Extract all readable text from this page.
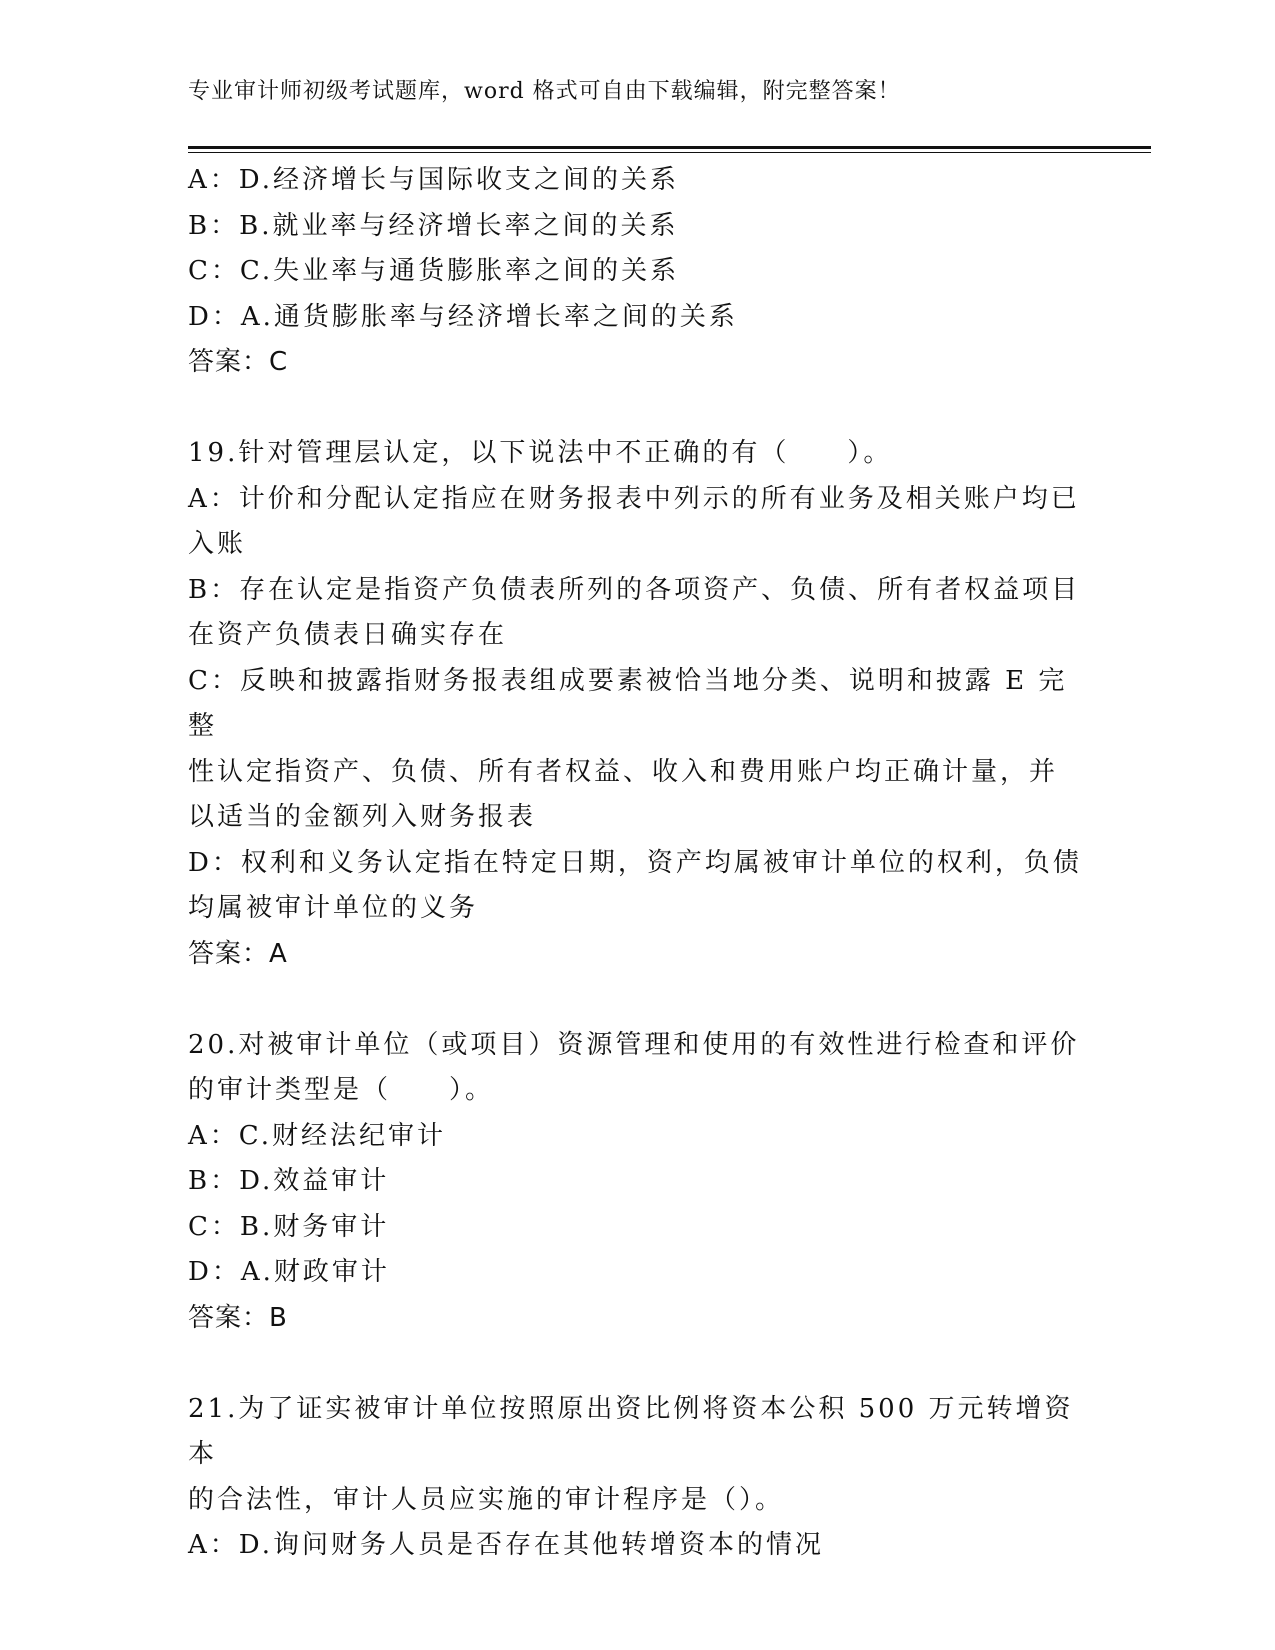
专业审计师初级考试题库，word 格式可自由下载编辑，附完整答案！

A：D.经济增长与国际收支之间的关系

B：B.就业率与经济增长率之间的关系

C：C.失业率与通货膨胀率之间的关系

D：A.通货膨胀率与经济增长率之间的关系

答案：C

19.针对管理层认定，以下说法中不正确的有（　　）。

A：计价和分配认定指应在财务报表中列示的所有业务及相关账户均已

入账

B：存在认定是指资产负债表所列的各项资产、负债、所有者权益项目

在资产负债表日确实存在

C：反映和披露指财务报表组成要素被恰当地分类、说明和披露 E 完整

性认定指资产、负债、所有者权益、收入和费用账户均正确计量，并

以适当的金额列入财务报表

D：权利和义务认定指在特定日期，资产均属被审计单位的权利，负债

均属被审计单位的义务

答案：A

20.对被审计单位（或项目）资源管理和使用的有效性进行检查和评价

的审计类型是（　　）。

A：C.财经法纪审计

B：D.效益审计

C：B.财务审计

D：A.财政审计

答案：B

21.为了证实被审计单位按照原出资比例将资本公积 500 万元转增资本

的合法性，审计人员应实施的审计程序是（）。

A：D.询问财务人员是否存在其他转增资本的情况
